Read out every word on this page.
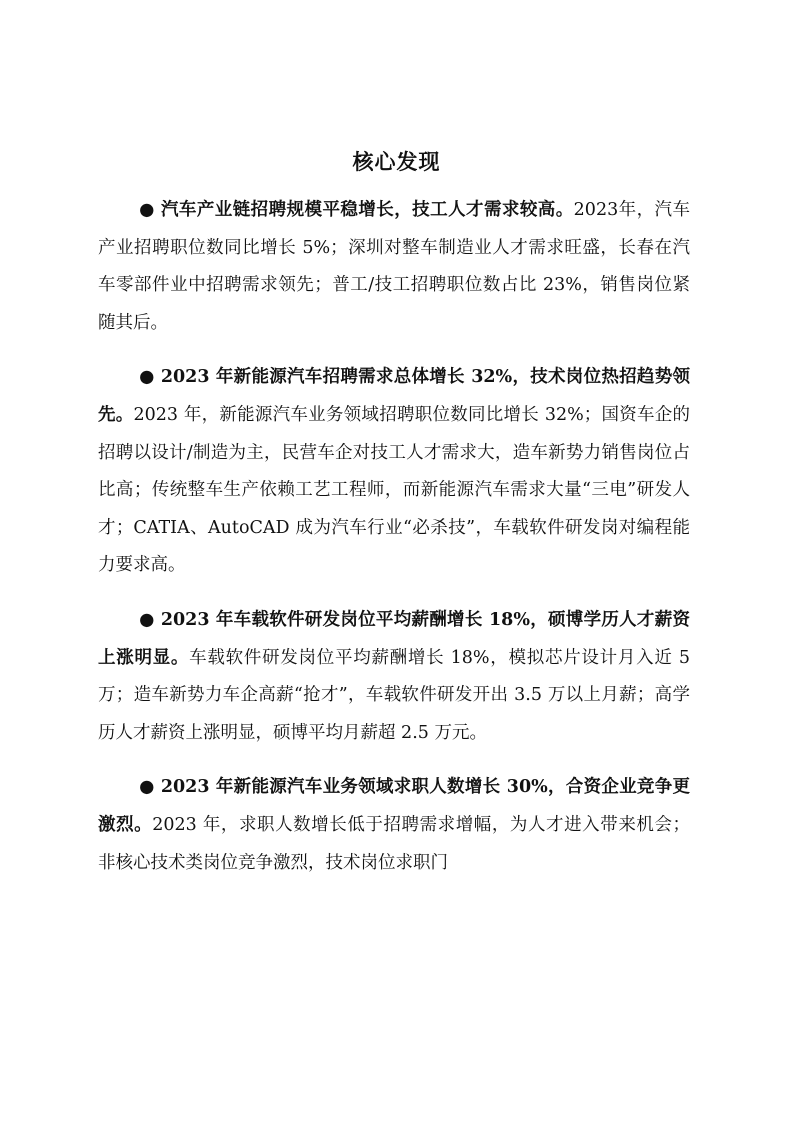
核心发现

● 汽车产业链招聘规模平稳增长，技工人才需求较高。2023年，汽车产业招聘职位数同比增长 5%；深圳对整车制造业人才需求旺盛，长春在汽车零部件业中招聘需求领先；普工/技工招聘职位数占比 23%，销售岗位紧随其后。

● 2023 年新能源汽车招聘需求总体增长 32%，技术岗位热招趋势领先。2023 年，新能源汽车业务领域招聘职位数同比增长 32%；国资车企的招聘以设计/制造为主，民营车企对技工人才需求大，造车新势力销售岗位占比高；传统整车生产依赖工艺工程师，而新能源汽车需求大量“三电”研发人才；CATIA、AutoCAD 成为汽车行业“必杀技”，车载软件研发岗对编程能力要求高。

● 2023 年车载软件研发岗位平均薪酬增长 18%，硕博学历人才薪资上涨明显。车载软件研发岗位平均薪酬增长 18%，模拟芯片设计月入近 5 万；造车新势力车企高薪“抢才”，车载软件研发开出 3.5 万以上月薪；高学历人才薪资上涨明显，硕博平均月薪超 2.5 万元。

● 2023 年新能源汽车业务领域求职人数增长 30%，合资企业竞争更激烈。2023 年，求职人数增长低于招聘需求增幅，为人才进入带来机会；非核心技术类岗位竞争激烈，技术岗位求职门
